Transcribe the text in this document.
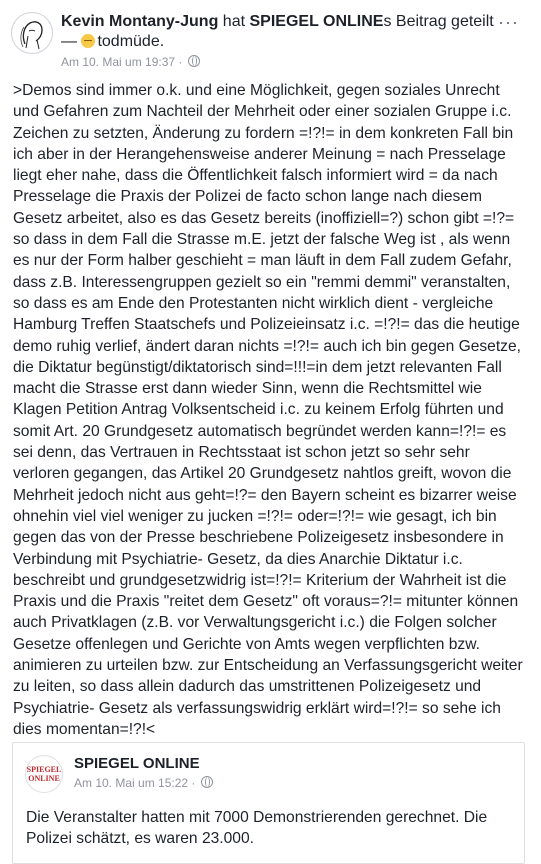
Kevin Montany-Jung hat SPIEGEL ONLINEs Beitrag geteilt ···
— todmüde.
Am 10. Mai um 19:37 ·

>Demos sind immer o.k. und eine Möglichkeit, gegen soziales Unrecht und Gefahren zum Nachteil der Mehrheit oder einer sozialen Gruppe i.c. Zeichen zu setzten, Änderung zu fordern =!?!= in dem konkreten Fall bin ich aber in der Herangehensweise anderer Meinung = nach Presselage liegt eher nahe, dass die Öffentlichkeit falsch informiert wird = da nach Presselage die Praxis der Polizei de facto schon lange nach diesem Gesetz arbeitet, also es das Gesetz bereits (inoffiziell=?) schon gibt =!?= so dass in dem Fall die Strasse m.E. jetzt der falsche Weg ist , als wenn es nur der Form halber geschieht = man läuft in dem Fall zudem Gefahr, dass z.B. Interessengruppen gezielt so ein "remmi demmi" veranstalten, so dass es am Ende den Protestanten nicht wirklich dient - vergleiche Hamburg Treffen Staatschefs und Polizeieinsatz i.c. =!?!= das die heutige demo ruhig verlief, ändert daran nichts =!?!= auch ich bin gegen Gesetze, die Diktatur begünstigt/diktatorisch sind=!!!=in dem jetzt relevanten Fall macht die Strasse erst dann wieder Sinn, wenn die Rechtsmittel wie Klagen Petition Antrag Volksentscheid i.c. zu keinem Erfolg führten und somit Art. 20 Grundgesetz automatisch begründet werden kann=!?!= es sei denn, das Vertrauen in Rechtsstaat ist schon jetzt so sehr sehr verloren gegangen, das Artikel 20 Grundgesetz nahtlos greift, wovon die Mehrheit jedoch nicht aus geht=!?= den Bayern scheint es bizarrer weise ohnehin viel viel weniger zu jucken =!?!= oder=!?!= wie gesagt, ich bin gegen das von der Presse beschriebene Polizeigesetz insbesondere in Verbindung mit Psychiatrie- Gesetz, da dies Anarchie Diktatur i.c. beschreibt und grundgesetzwidrig ist=!?!= Kriterium der Wahrheit ist die Praxis und die Praxis "reitet dem Gesetz" oft voraus=?!= mitunter können auch Privatklagen (z.B. vor Verwaltungsgericht i.c.) die Folgen solcher Gesetze offenlegen und Gerichte von Amts wegen verpflichten bzw. animieren zu urteilen bzw. zur Entscheidung an Verfassungsgericht weiter zu leiten, so dass allein dadurch das umstrittenen Polizeigesetz und Psychiatrie- Gesetz als verfassungswidrig erklärt wird=!?!= so sehe ich dies momentan=!?!<

SPIEGEL
ONLINE
SPIEGEL ONLINE
Am 10. Mai um 15:22 ·

Die Veranstalter hatten mit 7000 Demonstrierenden gerechnet. Die Polizei schätzt, es waren 23.000.
